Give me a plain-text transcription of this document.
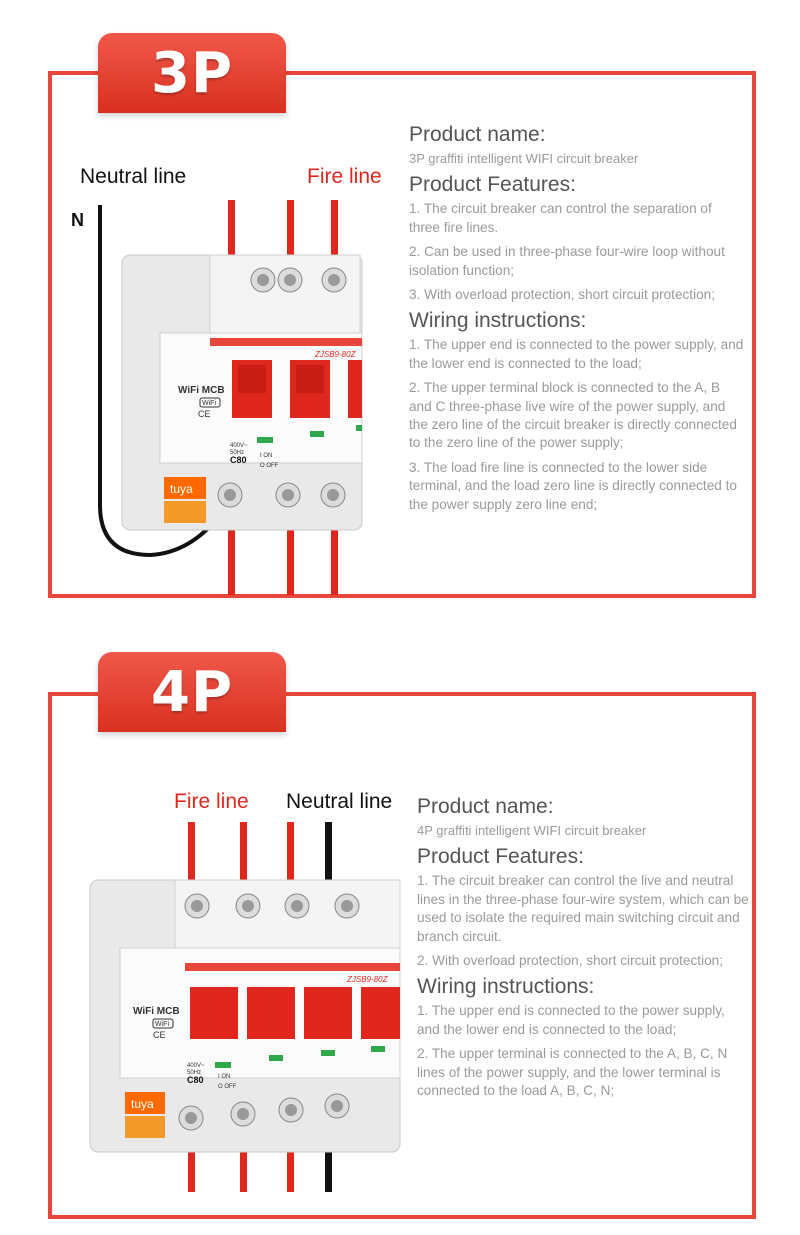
3P
Neutral line	Fire line
N
ZJSB9-80Z
WiFi MCB
WiFi
CE
400V~
50Hz
C80 I ON
O OFF
tuya
Product name:
3P graffiti intelligent WIFI circuit breaker
Product Features:

1. The circuit breaker can control the separation of three fire lines.

2. Can be used in three-phase four-wire loop without isolation function;

3. With overload protection, short circuit protection;

Wiring instructions:

1. The upper end is connected to the power supply, and the lower end is connected to the load;

2. The upper terminal block is connected to the A, B and C three-phase live wire of the power supply, and the zero line of the circuit breaker is directly connected to the zero line of the power supply;

3. The load fire line is connected to the lower side terminal, and the load zero line is directly connected to the power supply zero line end;

4P
Fire line Neutral line
ZJSB9-80Z
WiFi MCB
WiFi
CE
400V~
50Hz
C80 I ON
O OFF
tuya
Product name:
4P graffiti intelligent WIFI circuit breaker
Product Features:

1. The circuit breaker can control the live and neutral lines in the three-phase four-wire system, which can be used to isolate the required main switching circuit and branch circuit.

2. With overload protection, short circuit protection;

Wiring instructions:

1. The upper end is connected to the power supply, and the lower end is connected to the load;

2. The upper terminal is connected to the A, B, C, N lines of the power supply, and the lower terminal is connected to the load A, B, C, N;
